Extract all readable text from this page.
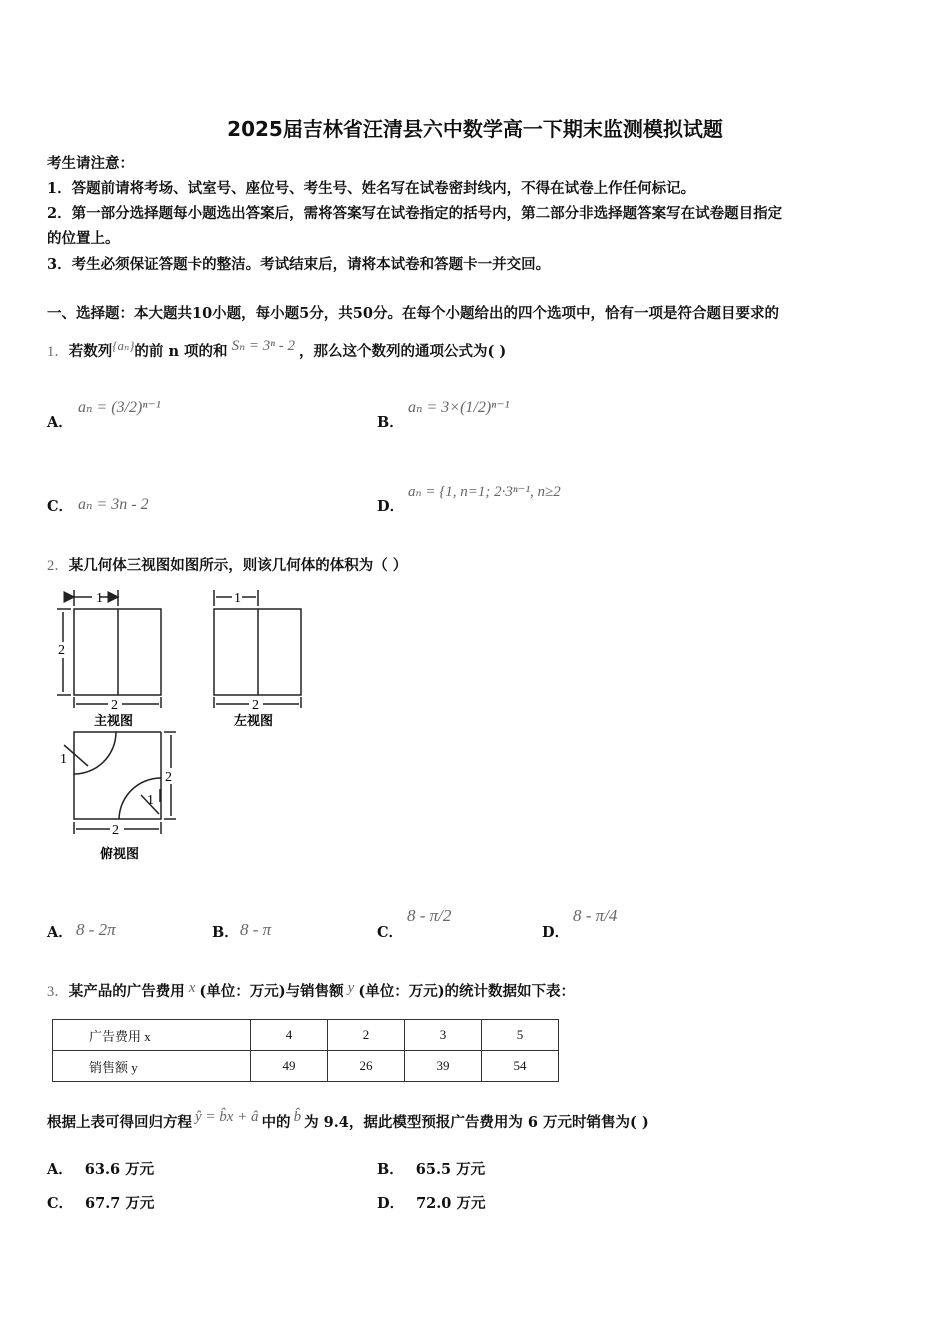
2025届吉林省汪清县六中数学高一下期末监测模拟试题
考生请注意：
1．答题前请将考场、试室号、座位号、考生号、姓名写在试卷密封线内，不得在试卷上作任何标记。
2．第一部分选择题每小题选出答案后，需将答案写在试卷指定的括号内，第二部分非选择题答案写在试卷题目指定
的位置上。
3．考生必须保证答题卡的整洁。考试结束后，请将本试卷和答题卡一并交回。
一、选择题：本大题共10小题，每小题5分，共50分。在每个小题给出的四个选项中，恰有一项是符合题目要求的
1．若数列{aₙ}的前 n 项的和 Sₙ = 3ⁿ - 2 ，那么这个数列的通项公式为( )
A．
aₙ = (3/2)ⁿ⁻¹
B．
aₙ = 3×(1/2)ⁿ⁻¹
C． aₙ = 3n - 2	D．
aₙ = {1, n=1; 2·3ⁿ⁻¹, n≥2
2．某几何体三视图如图所示，则该几何体的体积为（ ）
1
2
2
主视图
1
2
左视图
1
1
2
2
俯视图
A． 8 - 2π	B． 8 - π	C．
8 - π/2
D．
8 - π/4
3．某产品的广告费用 x (单位：万元)与销售额 y (单位：万元)的统计数据如下表：
广告费用 x	4	2	3	5
销售额 y	49	26	39	54
根据上表可得回归方程 ŷ = b̂x + â 中的 b̂ 为 9.4，据此模型预报广告费用为 6 万元时销售为( )
A． 63.6 万元	B． 65.5 万元
C． 67.7 万元	D． 72.0 万元
